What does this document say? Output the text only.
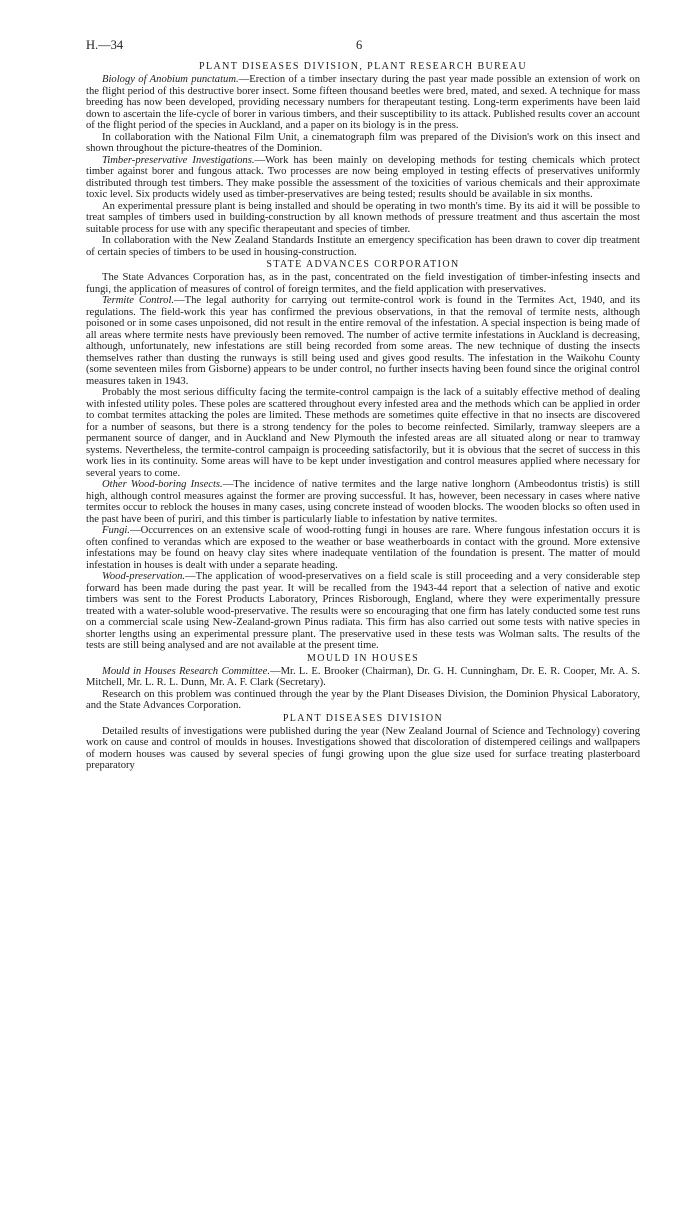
H.—34	6
PLANT DISEASES DIVISION, PLANT RESEARCH BUREAU

Biology of Anobium punctatum.—Erection of a timber insectary during the past year made possible an extension of work on the flight period of this destructive borer insect. Some fifteen thousand beetles were bred, mated, and sexed. A technique for mass breeding has now been developed, providing necessary numbers for therapeutant testing. Long-term experiments have been laid down to ascertain the life-cycle of borer in various timbers, and their susceptibility to its attack. Published results cover an account of the flight period of the species in Auckland, and a paper on its biology is in the press.

In collaboration with the National Film Unit, a cinematograph film was prepared of the Division's work on this insect and shown throughout the picture-theatres of the Dominion.

Timber-preservative Investigations.—Work has been mainly on developing methods for testing chemicals which protect timber against borer and fungous attack. Two processes are now being employed in testing effects of preservatives uniformly distributed through test timbers. They make possible the assessment of the toxicities of various chemicals and their approximate toxic level. Six products widely used as timber-preservatives are being tested; results should be available in six months.

An experimental pressure plant is being installed and should be operating in two month's time. By its aid it will be possible to treat samples of timbers used in building-construction by all known methods of pressure treatment and thus ascertain the most suitable process for use with any specific therapeutant and species of timber.

In collaboration with the New Zealand Standards Institute an emergency specification has been drawn to cover dip treatment of certain species of timbers to be used in housing-construction.

STATE ADVANCES CORPORATION

The State Advances Corporation has, as in the past, concentrated on the field investigation of timber-infesting insects and fungi, the application of measures of control of foreign termites, and the field application with preservatives.

Termite Control.—The legal authority for carrying out termite-control work is found in the Termites Act, 1940, and its regulations. The field-work this year has confirmed the previous observations, in that the removal of termite nests, although poisoned or in some cases unpoisoned, did not result in the entire removal of the infestation. A special inspection is being made of all areas where termite nests have previously been removed. The number of active termite infestations in Auckland is decreasing, although, unfortunately, new infestations are still being recorded from some areas. The new technique of dusting the insects themselves rather than dusting the runways is still being used and gives good results. The infestation in the Waikohu County (some seventeen miles from Gisborne) appears to be under control, no further insects having been found since the original control measures taken in 1943.

Probably the most serious difficulty facing the termite-control campaign is the lack of a suitably effective method of dealing with infested utility poles. These poles are scattered throughout every infested area and the methods which can be applied in order to combat termites attacking the poles are limited. These methods are sometimes quite effective in that no insects are discovered for a number of seasons, but there is a strong tendency for the poles to become reinfected. Similarly, tramway sleepers are a permanent source of danger, and in Auckland and New Plymouth the infested areas are all situated along or near to tramway systems. Nevertheless, the termite-control campaign is proceeding satisfactorily, but it is obvious that the secret of success in this work lies in its continuity. Some areas will have to be kept under investigation and control measures applied where necessary for several years to come.

Other Wood-boring Insects.—The incidence of native termites and the large native longhorn (Ambeodontus tristis) is still high, although control measures against the former are proving successful. It has, however, been necessary in cases where native termites occur to reblock the houses in many cases, using concrete instead of wooden blocks. The wooden blocks so often used in the past have been of puriri, and this timber is particularly liable to infestation by native termites.

Fungi.—Occurrences on an extensive scale of wood-rotting fungi in houses are rare. Where fungous infestation occurs it is often confined to verandas which are exposed to the weather or base weatherboards in contact with the ground. More extensive infestations may be found on heavy clay sites where inadequate ventilation of the foundation is present. The matter of mould infestation in houses is dealt with under a separate heading.

Wood-preservation.—The application of wood-preservatives on a field scale is still proceeding and a very considerable step forward has been made during the past year. It will be recalled from the 1943-44 report that a selection of native and exotic timbers was sent to the Forest Products Laboratory, Princes Risborough, England, where they were experimentally pressure treated with a water-soluble wood-preservative. The results were so encouraging that one firm has lately conducted some test runs on a commercial scale using New-Zealand-grown Pinus radiata. This firm has also carried out some tests with native species in shorter lengths using an experimental pressure plant. The preservative used in these tests was Wolman salts. The results of the tests are still being analysed and are not available at the present time.

MOULD IN HOUSES

Mould in Houses Research Committee.—Mr. L. E. Brooker (Chairman), Dr. G. H. Cunningham, Dr. E. R. Cooper, Mr. A. S. Mitchell, Mr. L. R. L. Dunn, Mr. A. F. Clark (Secretary).

Research on this problem was continued through the year by the Plant Diseases Division, the Dominion Physical Laboratory, and the State Advances Corporation.

PLANT DISEASES DIVISION

Detailed results of investigations were published during the year (New Zealand Journal of Science and Technology) covering work on cause and control of moulds in houses. Investigations showed that discoloration of distempered ceilings and wallpapers of modern houses was caused by several species of fungi growing upon the glue size used for surface treating plasterboard preparatory
